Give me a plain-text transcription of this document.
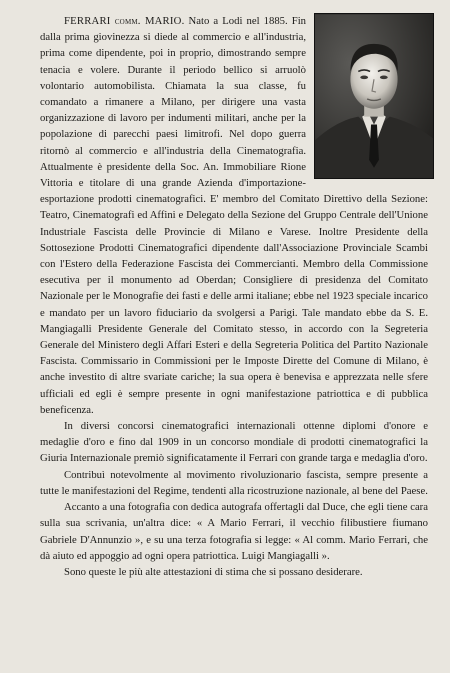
FERRARI comm. MARIO. Nato a Lodi nel 1885. Fin dalla prima giovinezza si diede al commercio e all'industria, prima come dipendente, poi in proprio, dimostrando sempre tenacia e volere. Durante il periodo bellico si arruolò volontario automobilista. Chiamata la sua classe, fu comandato a rimanere a Milano, per dirigere una vasta organizzazione di lavoro per indumenti militari, anche per la popolazione di parecchi paesi limitrofi. Nel dopo guerra ritornò al commercio e all'industria della Cinematografia. Attualmente è presidente della Soc. An. Immobiliare Rione Vittoria e titolare di una grande Azienda d'importazione-esportazione prodotti cinematografici. E' membro del Comitato Direttivo della Sezione: Teatro, Cinematografi ed Affini e Delegato della Sezione del Gruppo Centrale dell'Unione Industriale Fascista delle Provincie di Milano e Varese. Inoltre Presidente della Sottosezione Prodotti Cinematografici dipendente dall'Associazione Provinciale Scambi con l'Estero della Federazione Fascista dei Commercianti. Membro della Commissione esecutiva per il monumento ad Oberdan; Consigliere di presidenza del Comitato Nazionale per le Monografie dei fasti e delle armi italiane; ebbe nel 1923 speciale incarico e mandato per un lavoro fiduciario da svolgersi a Parigi. Tale mandato ebbe da S. E. Mangiagalli Presidente Generale del Comitato stesso, in accordo con la Segreteria Generale del Ministero degli Affari Esteri e della Segreteria Politica del Partito Nazionale Fascista. Commissario in Commissioni per le Imposte Dirette del Comune di Milano, è anche investito di altre svariate cariche; la sua opera è benevisa e apprezzata nelle sfere ufficiali ed egli è sempre presente in ogni manifestazione patriottica e di pubblica beneficenza.

In diversi concorsi cinematografici internazionali ottenne diplomi d'onore e medaglie d'oro e fino dal 1909 in un concorso mondiale di prodotti cinematografici la Giuria Internazionale premiò significatamente il Ferrari con grande targa e medaglia d'oro.

Contribuì notevolmente al movimento rivoluzionario fascista, sempre presente a tutte le manifestazioni del Regime, tendenti alla ricostruzione nazionale, al bene del Paese.

Accanto a una fotografia con dedica autografa offertagli dal Duce, che egli tiene cara sulla sua scrivania, un'altra dice: « A Mario Ferrari, il vecchio filibustiere fiumano Gabriele D'Annunzio », e su una terza fotografia si legge: « Al comm. Mario Ferrari, che dà aiuto ed appoggio ad ogni opera patriottica. Luigi Mangiagalli ».

Sono queste le più alte attestazioni di stima che si possano desiderare.
